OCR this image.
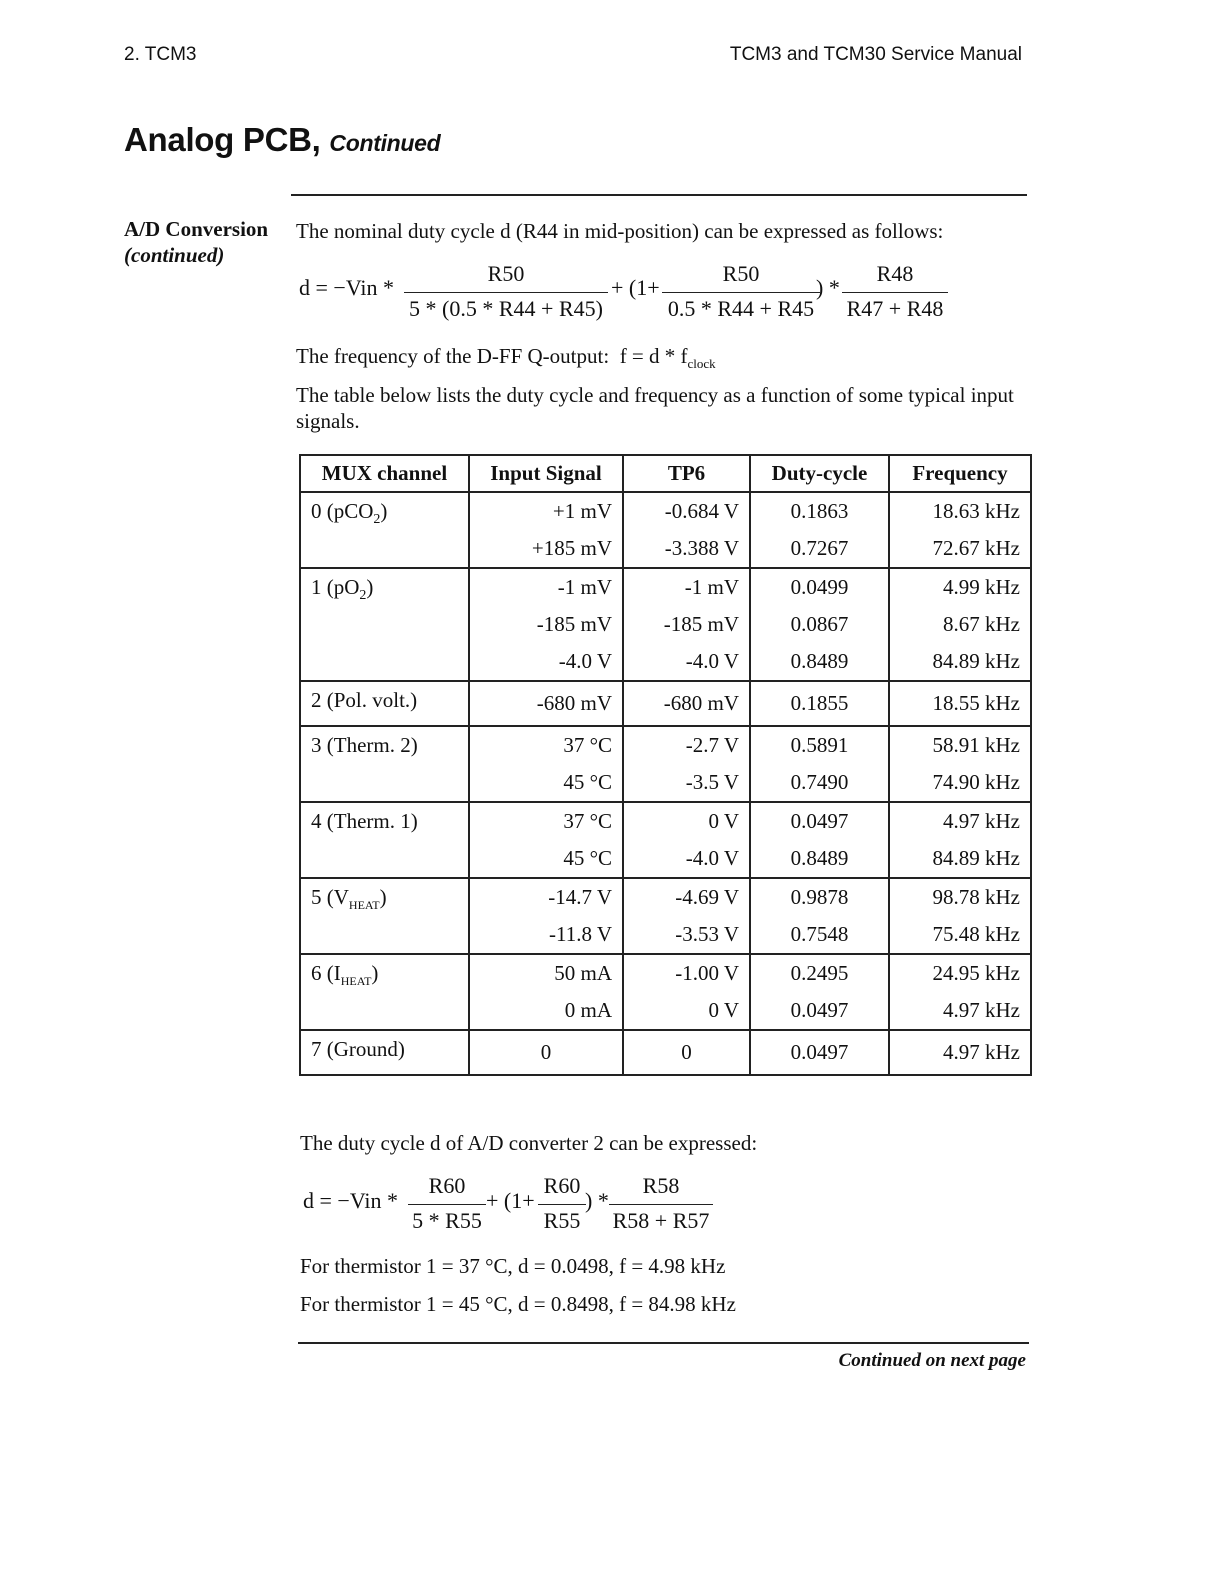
2. TCM3	TCM3 and TCM30 Service Manual
Analog PCB, Continued
A/D Conversion
(continued)
The nominal duty cycle d (R44 in mid-position) can be expressed as follows:
d = −Vin *
R50
5 * (0.5 * R44 + R45)
+ (1+
R50
0.5 * R44 + R45
) *
R48
R47 + R48
The frequency of the D-FF Q-output: $f = d * f_{clock}$
The table below lists the duty cycle and frequency as a function of some typical input signals.
MUX channel	Input Signal	TP6	Duty-cycle	Frequency
0 (pCO$_2$)	+1 mV	-0.684 V	0.1863	18.63 kHz
	+185 mV	-3.388 V	0.7267	72.67 kHz
1 $(pO_2)$	-1 mV	-1 mV	0.0499	4.99 kHz
	-185 mV	-185 mV	0.0867	8.67 kHz
	-4.0 V	-4.0 V	0.8489	84.89 kHz
2 (Pol. volt.)	-680 mV	-680 mV	0.1855	18.55 kHz
3 (Therm. 2)	37 °C	-2.7 V	0.5891	58.91 kHz
	45 °C	-3.5 V	0.7490	74.90 kHz
4 (Therm. 1)	37 °C	0 V	0.0497	4.97 kHz
	45 °C	-4.0 V	0.8489	84.89 kHz
5 $(V_{HEAT})$	-14.7 V	-4.69 V	0.9878	98.78 kHz
	-11.8 V	-3.53 V	0.7548	75.48 kHz
6 $(I_{HEAT})$	50 mA	-1.00 V	0.2495	24.95 kHz
	0 mA	0 V	0.0497	4.97 kHz
7 (Ground)	0	0	0.0497	4.97 kHz
The duty cycle d of A/D converter 2 can be expressed:
d = −Vin *
R60
5 * R55
+ (1+
R60
R55
) *
R58
R58 + R57
For thermistor 1 = 37 °C, d = 0.0498, f = 4.98 kHz
For thermistor 1 = 45 °C, d = 0.8498, f = 84.98 kHz
Continued on next page
